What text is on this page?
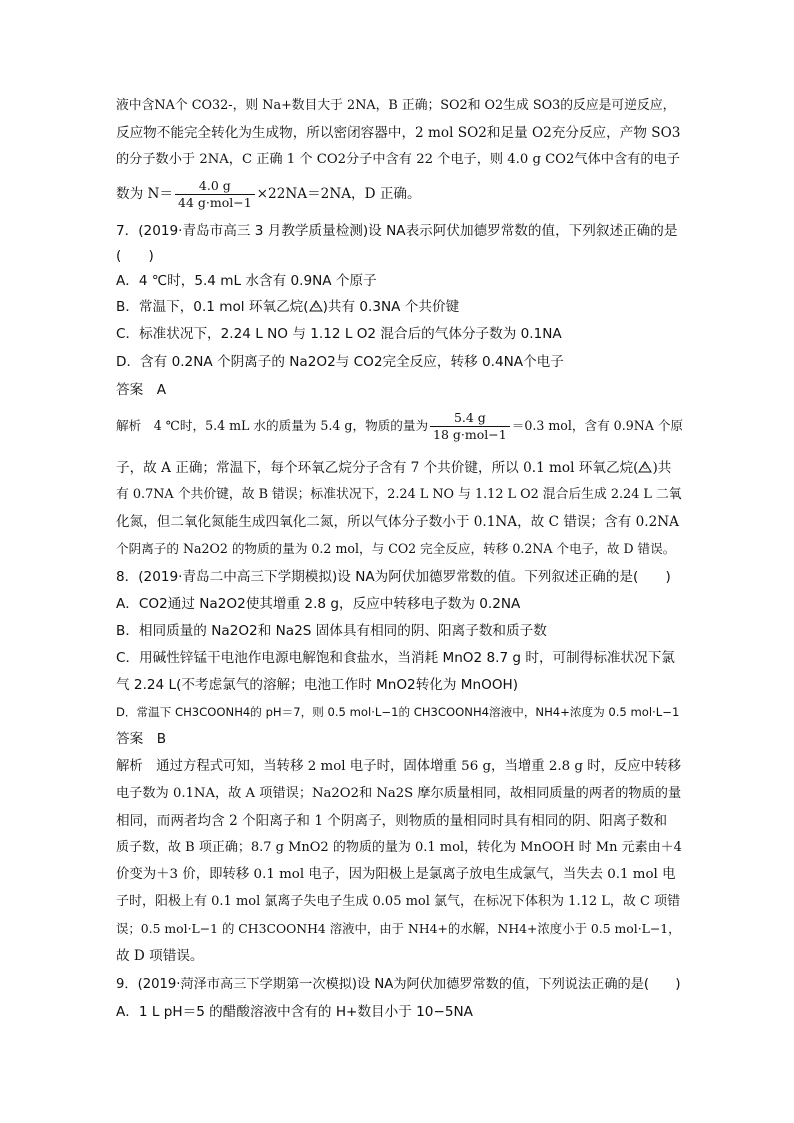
液中含NA个 CO32-，则 Na+数目大于 2NA，B 正确；SO2和 O2生成 SO3的反应是可逆反应，
反应物不能完全转化为生成物，所以密闭容器中，2 mol SO2和足量 O2充分反应，产物 SO3
的分子数小于 2NA，C 正确 1 个 CO2分子中含有 22 个电子，则 4.0 g CO2气体中含有的电子
数为 $N= \frac{4.0 g}{\text{44 g·mol−1}} \times 22NA=2NA$，D 正确。
7．(2019·青岛市高三 3 月教学质量检测)设 NA表示阿伏加德罗常数的值，下列叙述正确的是
(　　)
A．4 ℃时，5.4 mL 水含有 0.9NA 个原子
B．常温下，0.1 mol 环氧乙烷( O )共有 0.3NA 个共价键
C．标准状况下，2.24 L NO 与 1.12 L O2 混合后的气体分子数为 0.1NA
D．含有 0.2NA 个阴离子的 Na2O2与 CO2完全反应，转移 0.4NA个电子
答案　A
解析　4 ℃时，5.4 mL 水的质量为 5.4 g，物质的量为 $\frac{5.4 g}{\text{18 g·mol−1}} =0.3$ mol，含有 0.9NA 个原
子，故 A 正确；常温下，每个环氧乙烷分子含有 7 个共价键，所以 0.1 mol 环氧乙烷( O )共
有 0.7NA 个共价键，故 B 错误；标准状况下，2.24 L NO 与 1.12 L O2 混合后生成 2.24 L 二氧
化氮，但二氧化氮能生成四氧化二氮，所以气体分子数小于 0.1NA，故 C 错误；含有 0.2NA
个阴离子的 Na2O2 的物质的量为 0.2 mol，与 CO2 完全反应，转移 0.2NA 个电子，故 D 错误。
8．(2019·青岛二中高三下学期模拟)设 NA为阿伏加德罗常数的值。下列叙述正确的是(　　)
A．CO2通过 Na2O2使其增重 2.8 g，反应中转移电子数为 0.2NA
B．相同质量的 Na2O2和 Na2S 固体具有相同的阴、阳离子数和质子数
C．用碱性锌锰干电池作电源电解饱和食盐水，当消耗 MnO2 8.7 g 时，可制得标准状况下氯
气 2.24 L(不考虑氯气的溶解；电池工作时 MnO2转化为 MnOOH)
D．常温下 CH3COONH4的 pH＝7，则 0.5 mol·L−1的 CH3COONH4溶液中，NH4+浓度为 0.5 mol·L−1
答案　B
解析　通过方程式可知，当转移 2 mol 电子时，固体增重 56 g，当增重 2.8 g 时，反应中转移
电子数为 0.1NA，故 A 项错误；Na2O2和 Na2S 摩尔质量相同，故相同质量的两者的物质的量
相同，而两者均含 2 个阳离子和 1 个阴离子，则物质的量相同时具有相同的阴、阳离子数和
质子数，故 B 项正确；8.7 g MnO2 的物质的量为 0.1 mol，转化为 MnOOH 时 Mn 元素由＋4
价变为＋3 价，即转移 0.1 mol 电子，因为阳极上是氯离子放电生成氯气，当失去 0.1 mol 电
子时，阳极上有 0.1 mol 氯离子失电子生成 0.05 mol 氯气，在标况下体积为 1.12 L，故 C 项错
误；0.5 mol·L−1 的 CH3COONH4 溶液中，由于 NH4+的水解，NH4+浓度小于 0.5 mol·L−1，
故 D 项错误。
9．(2019·菏泽市高三下学期第一次模拟)设 NA为阿伏加德罗常数的值，下列说法正确的是(　　)
A．1 L pH＝5 的醋酸溶液中含有的 H+数目小于 10−5NA
